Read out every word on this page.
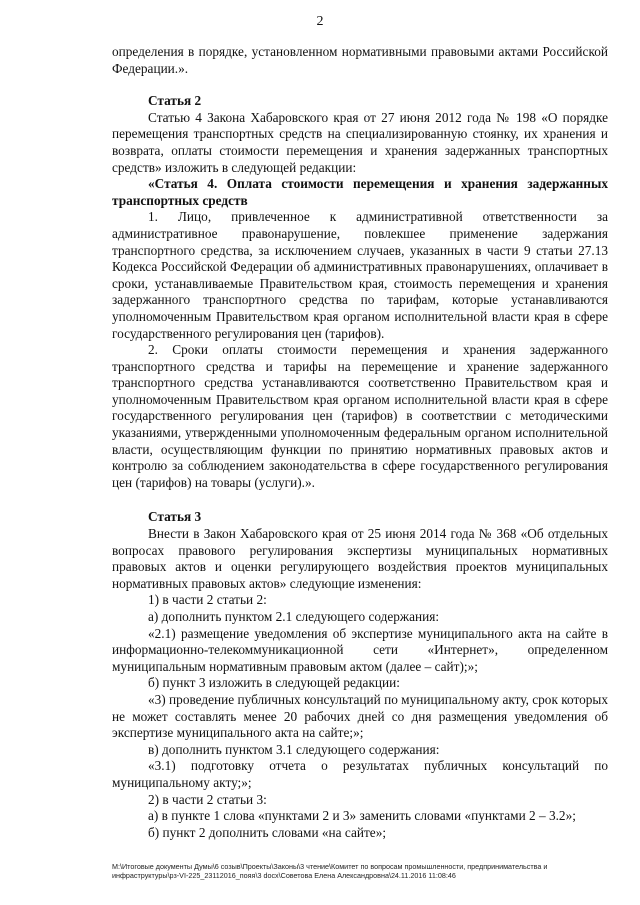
2

определения в порядке, установленном нормативными правовыми актами Российской Федерации.».

Статья 2

Статью 4 Закона Хабаровского края от 27 июня 2012 года № 198 «О порядке перемещения транспортных средств на специализированную стоянку, их хранения и возврата, оплаты стоимости перемещения и хранения задержанных транспортных средств» изложить в следующей редакции:

«Статья 4. Оплата стоимости перемещения и хранения задержанных транспортных средств

1. Лицо, привлеченное к административной ответственности за административное правонарушение, повлекшее применение задержания транспортного средства, за исключением случаев, указанных в части 9 статьи 27.13 Кодекса Российской Федерации об административных правонарушениях, оплачивает в сроки, устанавливаемые Правительством края, стоимость перемещения и хранения задержанного транспортного средства по тарифам, которые устанавливаются уполномоченным Правительством края органом исполнительной власти края в сфере государственного регулирования цен (тарифов).

2. Сроки оплаты стоимости перемещения и хранения задержанного транспортного средства и тарифы на перемещение и хранение задержанного транспортного средства устанавливаются соответственно Правительством края и уполномоченным Правительством края органом исполнительной власти края в сфере государственного регулирования цен (тарифов) в соответствии с методическими указаниями, утвержденными уполномоченным федеральным органом исполнительной власти, осуществляющим функции по принятию нормативных правовых актов и контролю за соблюдением законодательства в сфере государственного регулирования цен (тарифов) на товары (услуги).».

Статья 3

Внести в Закон Хабаровского края от 25 июня 2014 года № 368 «Об отдельных вопросах правового регулирования экспертизы муниципальных нормативных правовых актов и оценки регулирующего воздействия проектов муниципальных нормативных правовых актов» следующие изменения:

1) в части 2 статьи 2:

а) дополнить пунктом 2.1 следующего содержания:

«2.1) размещение уведомления об экспертизе муниципального акта на сайте в информационно-телекоммуникационной сети «Интернет», определенном муниципальным нормативным правовым актом (далее – сайт);»;

б) пункт 3 изложить в следующей редакции:

«3) проведение публичных консультаций по муниципальному акту, срок которых не может составлять менее 20 рабочих дней со дня размещения уведомления об экспертизе муниципального акта на сайте;»;

в) дополнить пунктом 3.1 следующего содержания:

«3.1) подготовку отчета о результатах публичных консультаций по муниципальному акту;»;

2) в части 2 статьи 3:

а) в пункте 1 слова «пунктами 2 и 3» заменить словами «пунктами 2 – 3.2»;

б) пункт 2 дополнить словами «на сайте»;

M:\Итоговые документы Думы\6 созыв\Проекты\Законы\3 чтение\Комитет по вопросам промышленности, предпринимательства и инфраструктуры\рз-VI-225_23112016_пояя\3 docx\Советова Елена Александровна\24.11.2016 11:08:46
